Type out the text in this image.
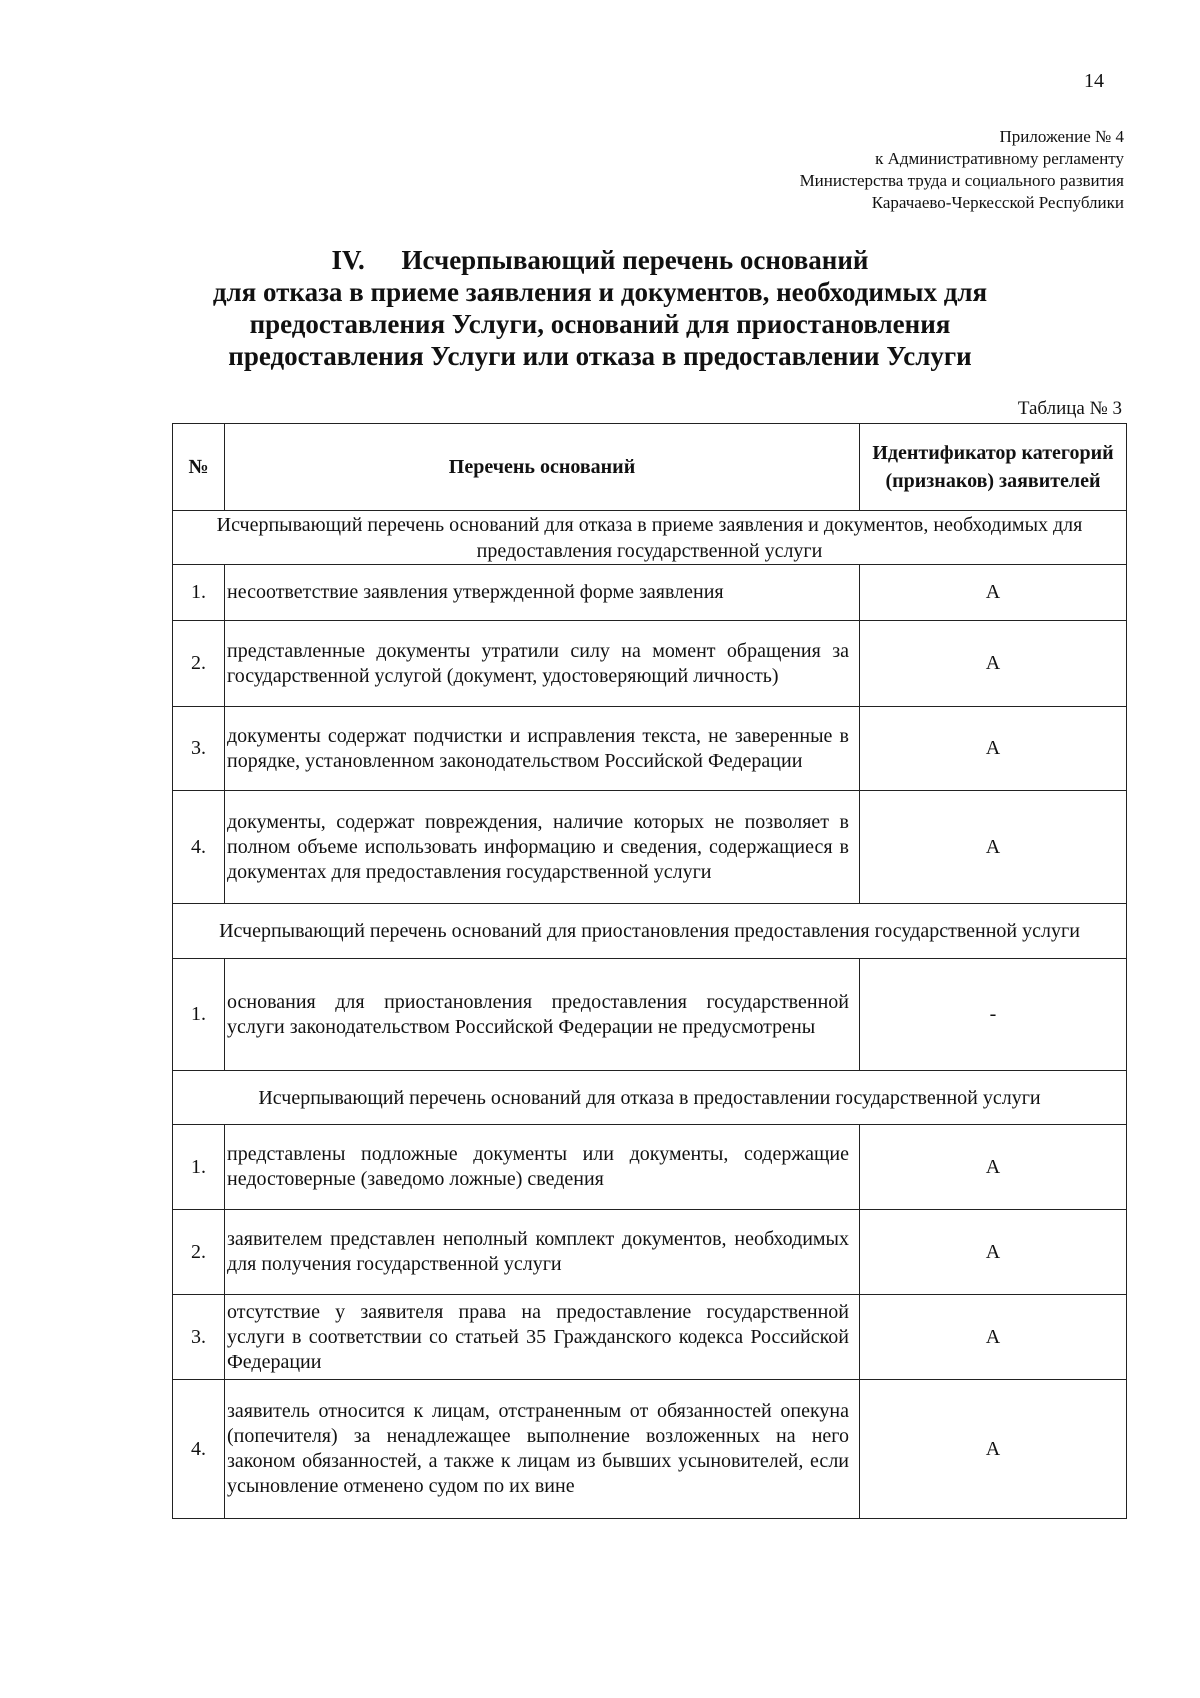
14
Приложение № 4
к Административному регламенту
Министерства труда и социального развития
Карачаево-Черкесской Республики
IV. Исчерпывающий перечень оснований
для отказа в приеме заявления и документов, необходимых для
предоставления Услуги, оснований для приостановления
предоставления Услуги или отказа в предоставлении Услуги
Таблица № 3
№	Перечень оснований	Идентификатор категорий (признаков) заявителей
Исчерпывающий перечень оснований для отказа в приеме заявления и документов, необходимых для предоставления государственной услуги		
1.	несоответствие заявления утвержденной форме заявления	А
2.	представленные документы утратили силу на момент обращения за государственной услугой (документ, удостоверяющий личность)	А
3.	документы содержат подчистки и исправления текста, не заверенные в порядке, установленном законодательством Российской Федерации	А
4.	документы, содержат повреждения, наличие которых не позволяет в полном объеме использовать информацию и сведения, содержащиеся в документах для предоставления государственной услуги	А
Исчерпывающий перечень оснований для приостановления предоставления государственной услуги		
1.	основания для приостановления предоставления государственной услуги законодательством Российской Федерации не предусмотрены	-
Исчерпывающий перечень оснований для отказа в предоставлении государственной услуги		
1.	представлены подложные документы или документы, содержащие недостоверные (заведомо ложные) сведения	А
2.	заявителем представлен неполный комплект документов, необходимых для получения государственной услуги	А
3.	отсутствие у заявителя права на предоставление государственной услуги в соответствии со статьей 35 Гражданского кодекса Российской Федерации	А
4.	заявитель относится к лицам, отстраненным от обязанностей опекуна (попечителя) за ненадлежащее выполнение возложенных на него законом обязанностей, а также к лицам из бывших усыновителей, если усыновление отменено судом по их вине	А
